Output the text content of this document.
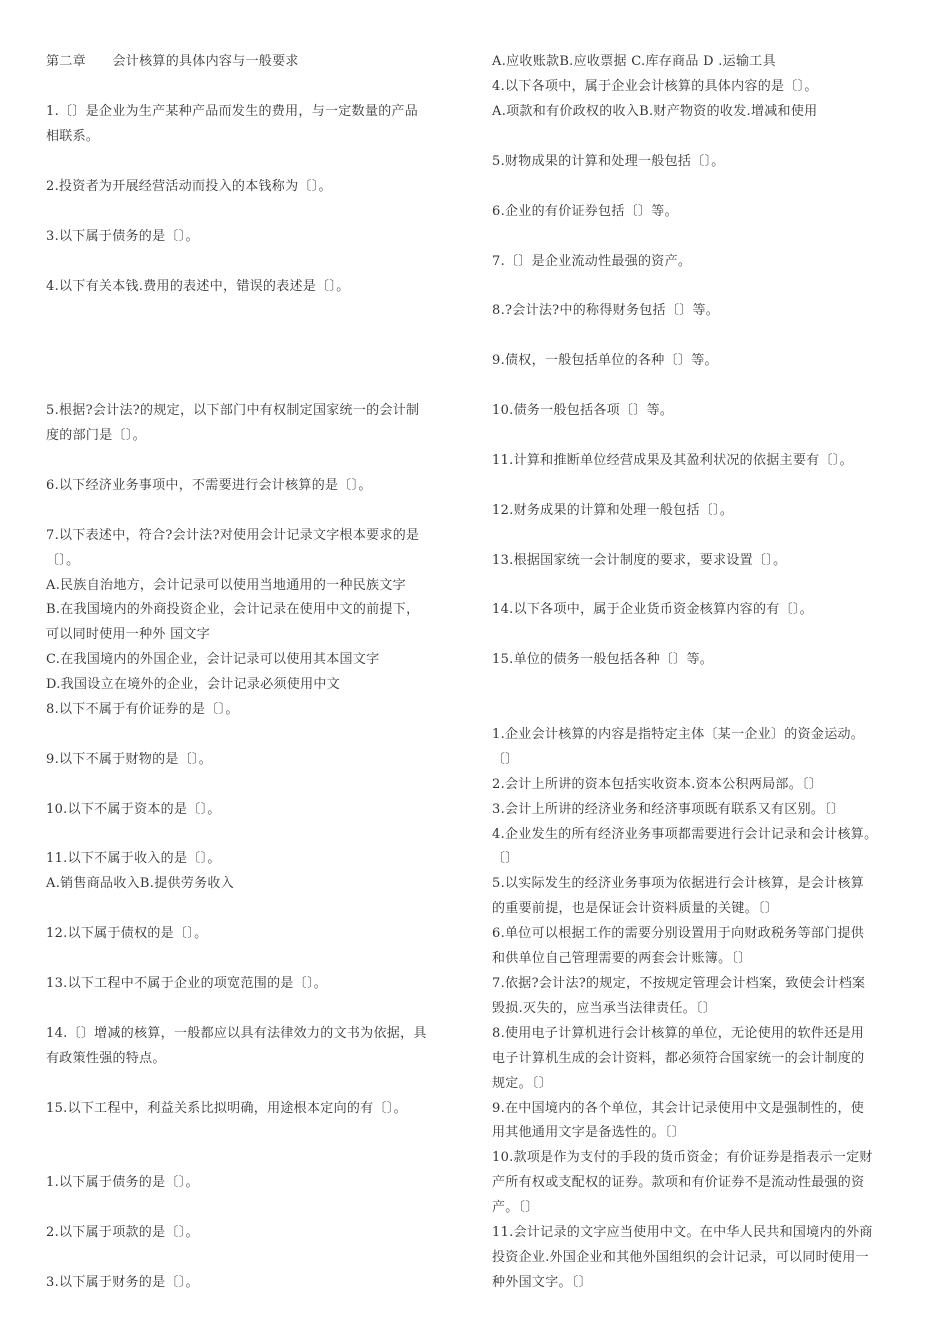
第二章　　会计核算的具体内容与一般要求
1.〔〕是企业为生产某种产品而发生的费用，与一定数量的产品
相联系。
2.投资者为开展经营活动而投入的本钱称为〔〕。
3.以下属于债务的是〔〕。
4.以下有关本钱.费用的表述中，错误的表述是〔〕。
5.根据?会计法?的规定，以下部门中有权制定国家统一的会计制
度的部门是〔〕。
6.以下经济业务事项中，不需要进行会计核算的是〔〕。
7.以下表述中，符合?会计法?对使用会计记录文字根本要求的是
〔〕。
A.民族自治地方，会计记录可以使用当地通用的一种民族文字
B.在我国境内的外商投资企业，会计记录在使用中文的前提下，
可以同时使用一种外 国文字
C.在我国境内的外国企业，会计记录可以使用其本国文字
D.我国设立在境外的企业，会计记录必须使用中文
8.以下不属于有价证券的是〔〕。
9.以下不属于财物的是〔〕。
10.以下不属于资本的是〔〕。
11.以下不属于收入的是〔〕。
A.销售商品收入B.提供劳务收入
12.以下属于债权的是〔〕。
13.以下工程中不属于企业的项宽范围的是〔〕。
14.〔〕增减的核算，一般都应以具有法律效力的文书为依据，具
有政策性强的特点。
15.以下工程中，利益关系比拟明确，用途根本定向的有〔〕。
1.以下属于债务的是〔〕。
2.以下属于项款的是〔〕。
3.以下属于财务的是〔〕。
A.应收账款B.应收票据 C.库存商品 D .运输工具
4.以下各项中，属于企业会计核算的具体内容的是〔〕。
A.项款和有价政权的收入B.财产物资的收发.增减和使用
5.财物成果的计算和处理一般包括〔〕。
6.企业的有价证券包括〔〕等。
7.〔〕是企业流动性最强的资产。
8.?会计法?中的称得财务包括〔〕等。
9.债权，一般包括单位的各种〔〕等。
10.债务一般包括各项〔〕等。
11.计算和推断单位经营成果及其盈利状况的依据主要有〔〕。
12.财务成果的计算和处理一般包括〔〕。
13.根据国家统一会计制度的要求，要求设置〔〕。
14.以下各项中，属于企业货币资金核算内容的有〔〕。
15.单位的债务一般包括各种〔〕等。
1.企业会计核算的内容是指特定主体〔某一企业〕的资金运动。
〔〕
2.会计上所讲的资本包括实收资本.资本公积两局部。〔〕
3.会计上所讲的经济业务和经济事项既有联系又有区别。〔〕
4.企业发生的所有经济业务事项都需要进行会计记录和会计核算。
〔〕
5.以实际发生的经济业务事项为依据进行会计核算，是会计核算
的重要前提，也是保证会计资料质量的关键。〔〕
6.单位可以根据工作的需要分别设置用于向财政税务等部门提供
和供单位自己管理需要的两套会计账簿。〔〕
7.依据?会计法?的规定，不按规定管理会计档案，致使会计档案
毁损.灭失的，应当承当法律责任。〔〕
8.使用电子计算机进行会计核算的单位，无论使用的软件还是用
电子计算机生成的会计资料，都必须符合国家统一的会计制度的
规定。〔〕
9.在中国境内的各个单位，其会计记录使用中文是强制性的，使
用其他通用文字是备选性的。〔〕
10.款项是作为支付的手段的货币资金；有价证券是指表示一定财
产所有权或支配权的证券。款项和有价证券不是流动性最强的资
产。〔〕
11.会计记录的文字应当使用中文。在中华人民共和国境内的外商
投资企业.外国企业和其他外国组织的会计记录，可以同时使用一
种外国文字。〔〕
